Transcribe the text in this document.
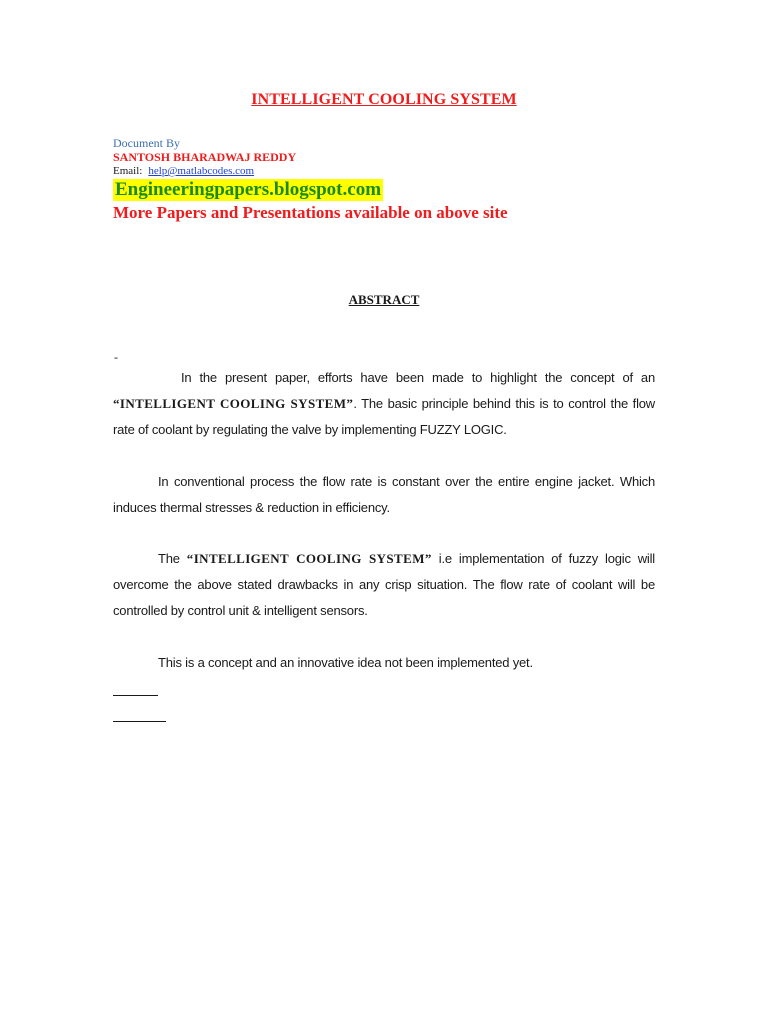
INTELLIGENT COOLING SYSTEM
Document By
SANTOSH BHARADWAJ REDDY
Email: help@matlabcodes.com
Engineeringpapers.blogspot.com
More Papers and Presentations available on above site
ABSTRACT
-
In the present paper, efforts have been made to highlight the concept of an “INTELLIGENT COOLING SYSTEM”. The basic principle behind this is to control the flow rate of coolant by regulating the valve by implementing FUZZY LOGIC.
In conventional process the flow rate is constant over the entire engine jacket. Which induces thermal stresses & reduction in efficiency.
The “INTELLIGENT COOLING SYSTEM” i.e implementation of fuzzy logic will overcome the above stated drawbacks in any crisp situation. The flow rate of coolant will be controlled by control unit & intelligent sensors.
This is a concept and an innovative idea not been implemented yet.
